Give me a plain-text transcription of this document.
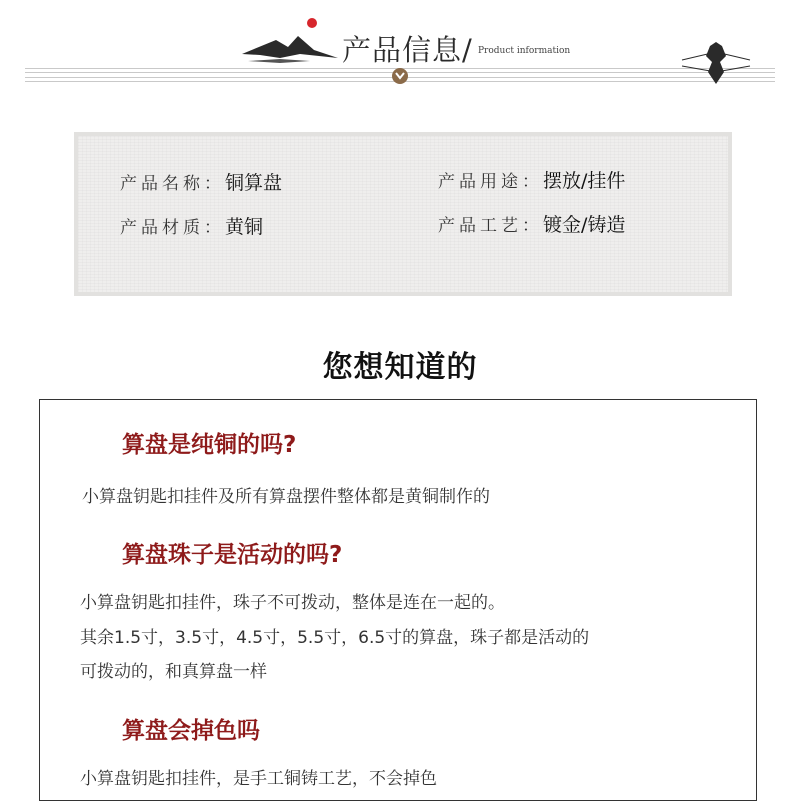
产品信息/ Product information
产品名称： 铜算盘	产品用途： 摆放/挂件
产品材质： 黄铜	产品工艺： 镀金/铸造
您想知道的
算盘是纯铜的吗?
小算盘钥匙扣挂件及所有算盘摆件整体都是黄铜制作的
算盘珠子是活动的吗?
小算盘钥匙扣挂件，珠子不可拨动，整体是连在一起的。
其余1.5寸，3.5寸，4.5寸，5.5寸，6.5寸的算盘，珠子都是活动的
可拨动的，和真算盘一样
算盘会掉色吗
小算盘钥匙扣挂件，是手工铜铸工艺，不会掉色
